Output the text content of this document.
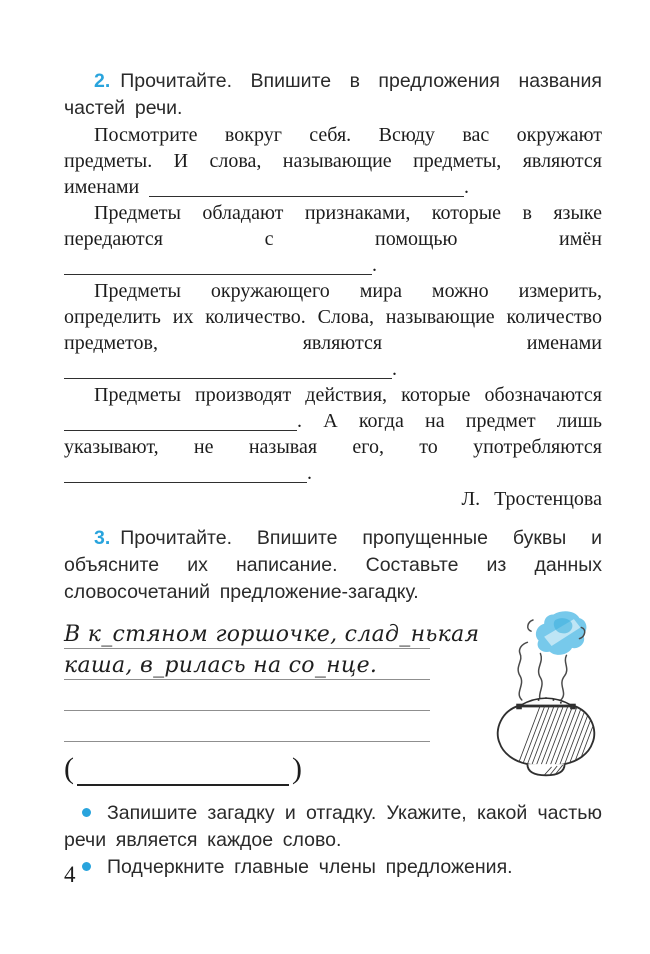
2. Прочитайте. Впишите в предложения названия частей речи.

Посмотрите вокруг себя. Всюду вас окружают предметы. И слова, называющие предметы, являются именами	.

Предметы обладают признаками, которые в языке передаются с помощью имён .

Предметы окружающего мира можно измерить, определить их количество. Слова, называющие количество предметов, являются именами .

Предметы производят действия, которые обозначаются . А когда на предмет лишь указывают, не называя его, то употребляются .

Л. Тростенцова

3. Прочитайте. Впишите пропущенные буквы и объясните их написание. Составьте из данных словосочетаний предложение-загадку.

В к_стяном горшочке, слад_нькая
каша, в_рилась на со_нце.
(	)
Запишите загадку и отгадку. Укажите, какой частью речи является каждое слово.
Подчеркните главные члены предложения.
4
